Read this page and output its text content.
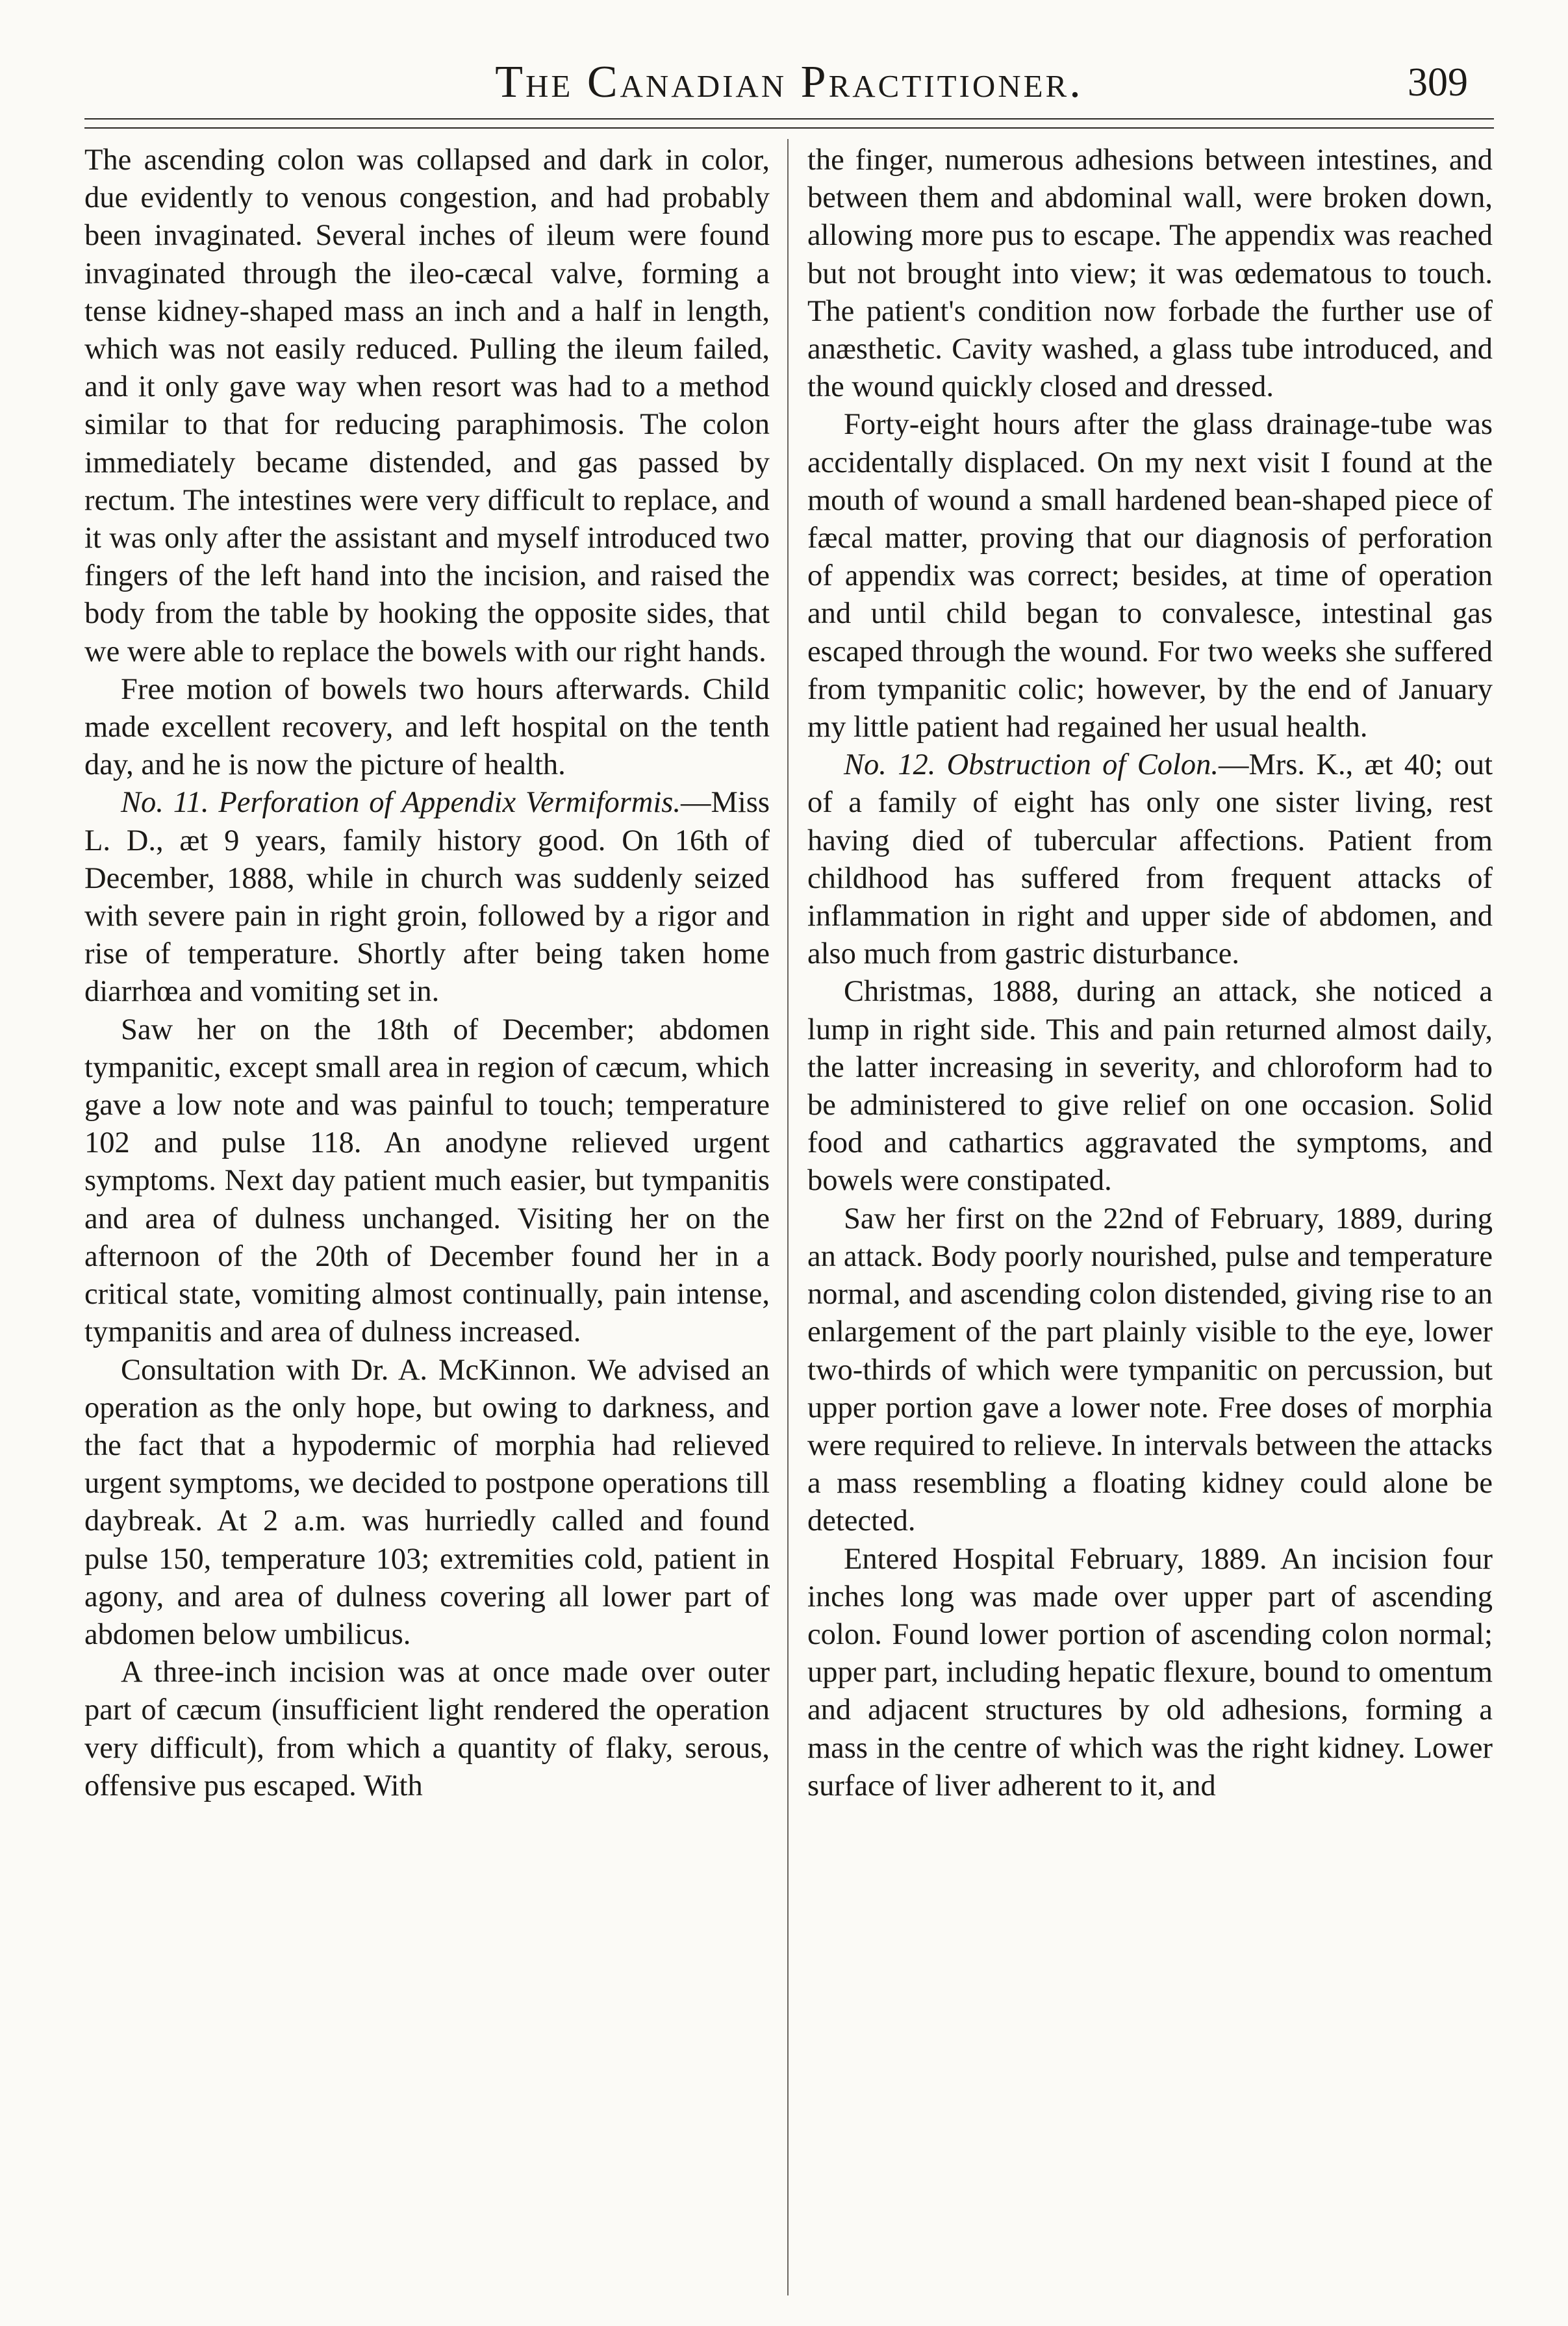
The Canadian Practitioner.	309

The ascending colon was collapsed and dark in color, due evidently to venous congestion, and had probably been invaginated. Several inches of ileum were found invaginated through the ileo-cæcal valve, forming a tense kidney-shaped mass an inch and a half in length, which was not easily reduced. Pulling the ileum failed, and it only gave way when resort was had to a method similar to that for reducing paraphimosis. The colon immediately became distended, and gas passed by rectum. The intestines were very difficult to replace, and it was only after the assistant and myself introduced two fingers of the left hand into the incision, and raised the body from the table by hooking the opposite sides, that we were able to replace the bowels with our right hands.

Free motion of bowels two hours afterwards. Child made excellent recovery, and left hospital on the tenth day, and he is now the picture of health.

No. 11. Perforation of Appendix Vermiformis.—Miss L. D., æt 9 years, family history good. On 16th of December, 1888, while in church was suddenly seized with severe pain in right groin, followed by a rigor and rise of temperature. Shortly after being taken home diarrhœa and vomiting set in.

Saw her on the 18th of December; abdomen tympanitic, except small area in region of cæcum, which gave a low note and was painful to touch; temperature 102 and pulse 118. An anodyne relieved urgent symptoms. Next day patient much easier, but tympanitis and area of dulness unchanged. Visiting her on the afternoon of the 20th of December found her in a critical state, vomiting almost continually, pain intense, tympanitis and area of dulness increased.

Consultation with Dr. A. McKinnon. We advised an operation as the only hope, but owing to darkness, and the fact that a hypodermic of morphia had relieved urgent symptoms, we decided to postpone operations till daybreak. At 2 a.m. was hurriedly called and found pulse 150, temperature 103; extremities cold, patient in agony, and area of dulness covering all lower part of abdomen below umbilicus.

A three-inch incision was at once made over outer part of cæcum (insufficient light rendered the operation very difficult), from which a quantity of flaky, serous, offensive pus escaped. With

the finger, numerous adhesions between intestines, and between them and abdominal wall, were broken down, allowing more pus to escape. The appendix was reached but not brought into view; it was œdematous to touch. The patient's condition now forbade the further use of anæsthetic. Cavity washed, a glass tube introduced, and the wound quickly closed and dressed.

Forty-eight hours after the glass drainage-tube was accidentally displaced. On my next visit I found at the mouth of wound a small hardened bean-shaped piece of fæcal matter, proving that our diagnosis of perforation of appendix was correct; besides, at time of operation and until child began to convalesce, intestinal gas escaped through the wound. For two weeks she suffered from tympanitic colic; however, by the end of January my little patient had regained her usual health.

No. 12. Obstruction of Colon.—Mrs. K., æt 40; out of a family of eight has only one sister living, rest having died of tubercular affections. Patient from childhood has suffered from frequent attacks of inflammation in right and upper side of abdomen, and also much from gastric disturbance.

Christmas, 1888, during an attack, she noticed a lump in right side. This and pain returned almost daily, the latter increasing in severity, and chloroform had to be administered to give relief on one occasion. Solid food and cathartics aggravated the symptoms, and bowels were constipated.

Saw her first on the 22nd of February, 1889, during an attack. Body poorly nourished, pulse and temperature normal, and ascending colon distended, giving rise to an enlargement of the part plainly visible to the eye, lower two-thirds of which were tympanitic on percussion, but upper portion gave a lower note. Free doses of morphia were required to relieve. In intervals between the attacks a mass resembling a floating kidney could alone be detected.

Entered Hospital February, 1889. An incision four inches long was made over upper part of ascending colon. Found lower portion of ascending colon normal; upper part, including hepatic flexure, bound to omentum and adjacent structures by old adhesions, forming a mass in the centre of which was the right kidney. Lower surface of liver adherent to it, and
